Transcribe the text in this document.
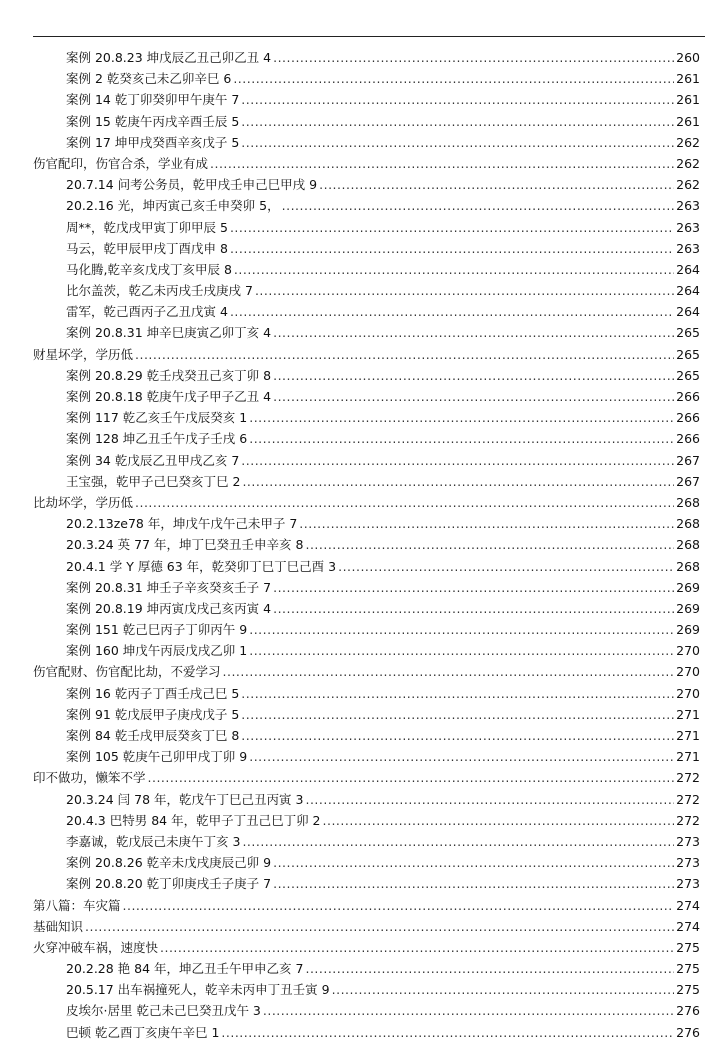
案例 20.8.23 坤戊辰乙丑己卯乙丑 4 .....	260
案例 2 乾癸亥己未乙卯辛巳 6 .....	261
案例 14 乾丁卯癸卯甲午庚午 7 .....	261
案例 15 乾庚午丙戌辛酉壬辰 5 .....	261
案例 17 坤甲戌癸酉辛亥戊子 5 .....	262
伤官配印，伤官合杀，学业有成 .....	262
20.7.14 问考公务员，乾甲戌壬申己巳甲戌 9 .....	262
20.2.16 光，坤丙寅己亥壬申癸卯 5， .....	263
周**，乾戊戌甲寅丁卯甲辰 5 .....	263
马云，乾甲辰甲戌丁酉戊申 8 .....	263
马化腾,乾辛亥戊戌丁亥甲辰 8 .....	264
比尔盖茨，乾乙未丙戌壬戌庚戌 7 .....	264
雷军，乾己酉丙子乙丑戊寅 4 .....	264
案例 20.8.31 坤辛巳庚寅乙卯丁亥 4 .....	265
财星坏学，学历低 .....	265
案例 20.8.29 乾壬戌癸丑己亥丁卯 8 .....	265
案例 20.8.18 乾庚午戊子甲子乙丑 4 .....	266
案例 117 乾乙亥壬午戊辰癸亥 1 .....	266
案例 128 坤乙丑壬午戊子壬戌 6 .....	266
案例 34 乾戊辰乙丑甲戌乙亥 7 .....	267
王宝强，乾甲子己巳癸亥丁巳 2 .....	267
比劫坏学，学历低 .....	268
20.2.13ze78 年，坤戊午戊午己未甲子 7 .....	268
20.3.24 英 77 年，坤丁巳癸丑壬申辛亥 8 .....	268
20.4.1 学 Y 厚德 63 年，乾癸卯丁巳丁巳己酉 3 .....	268
案例 20.8.31 坤壬子辛亥癸亥壬子 7 .....	269
案例 20.8.19 坤丙寅戊戌己亥丙寅 4 .....	269
案例 151 乾己巳丙子丁卯丙午 9 .....	269
案例 160 坤戊午丙辰戊戌乙卯 1 .....	270
伤官配财、伤官配比劫，不爱学习 .....	270
案例 16 乾丙子丁酉壬戌己巳 5 .....	270
案例 91 乾戊辰甲子庚戌戊子 5 .....	271
案例 84 乾壬戌甲辰癸亥丁巳 8 .....	271
案例 105 乾庚午己卯甲戌丁卯 9 .....	271
印不做功，懒笨不学 .....	272
20.3.24 闫 78 年，乾戊午丁巳己丑丙寅 3 .....	272
20.4.3 巴特男 84 年，乾甲子丁丑己巳丁卯 2 .....	272
李嘉诚，乾戊辰己未庚午丁亥 3 .....	273
案例 20.8.26 乾辛未戊戌庚辰己卯 9 .....	273
案例 20.8.20 乾丁卯庚戌壬子庚子 7 .....	273
第八篇：车灾篇 .....	274
基础知识 .....	274
火穿冲破车祸，速度快 .....	275
20.2.28 艳 84 年，坤乙丑壬午甲申乙亥 7 .....	275
20.5.17 出车祸撞死人，乾辛未丙申丁丑壬寅 9 .....	275
皮埃尔·居里 乾己未己巳癸丑戊午 3 .....	276
巴顿 乾乙酉丁亥庚午辛巳 1 .....	276
